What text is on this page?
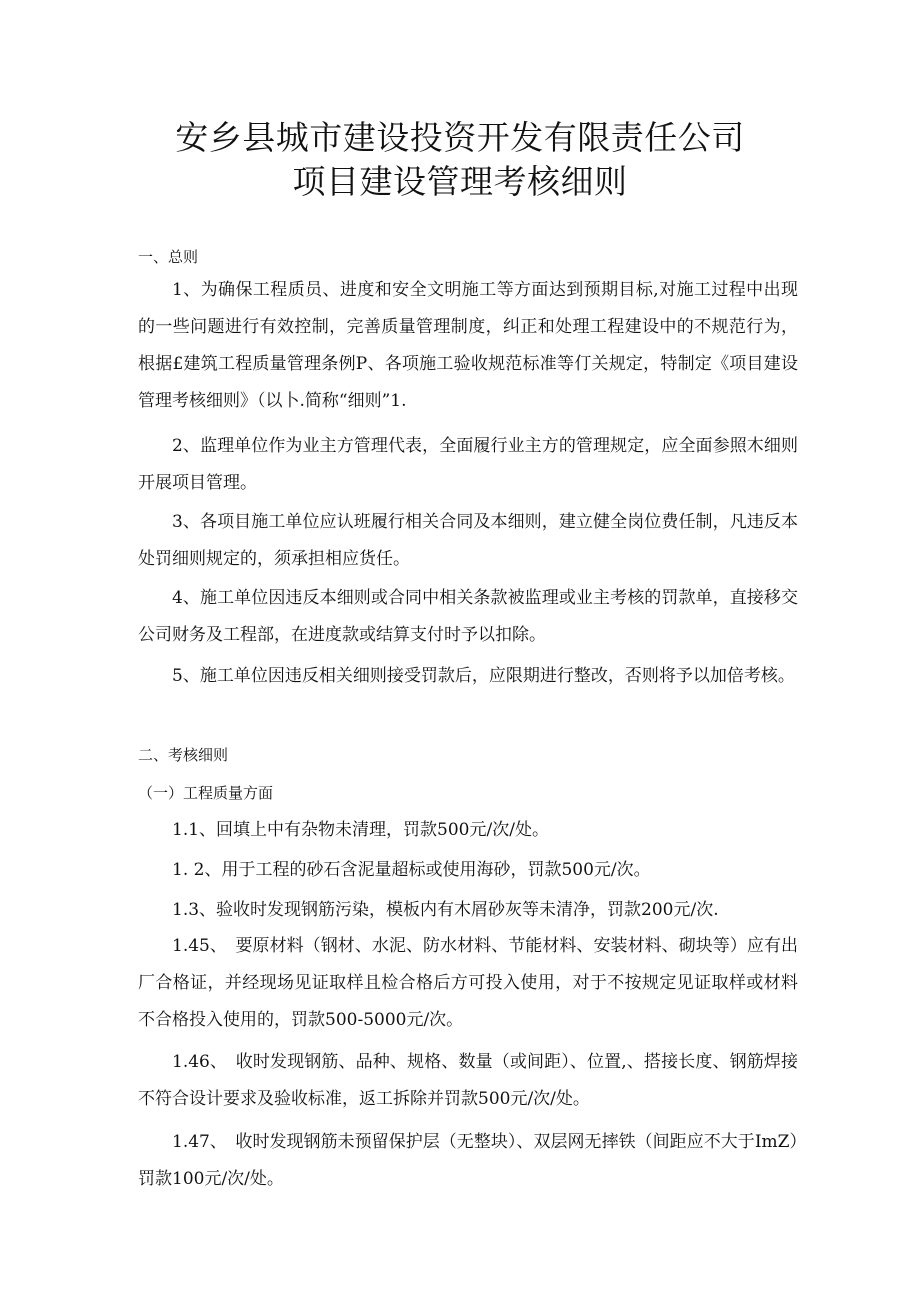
安乡县城市建设投资开发有限责任公司
项目建设管理考核细则
一、总则
1、为确保工程质员、进度和安全文明施工等方面达到预期目标,对施工过程中出现的一些问题进行有效控制，完善质量管理制度，纠正和处理工程建设中的不规范行为，根据£建筑工程质量管理条例P、各项施工验收规范标准等仃关规定，特制定《项目建设管理考核细则》（以卜.简称“细则”1.
2、监理单位作为业主方管理代表，全面履行业主方的管理规定，应全面参照木细则开展项目管理。
3、各项目施工单位应认班履行相关合同及本细则，建立健全岗位费任制，凡违反本处罚细则规定的，须承担相应货任。
4、施工单位因违反本细则或合同中相关条款被监理或业主考核的罚款单，直接移交公司财务及工程部，在进度款或结算支付时予以扣除。
5、施工单位因违反相关细则接受罚款后，应限期进行整改，否则将予以加倍考核。
二、考核细则
（一）工程质量方面
1.1、回填上中有杂物未清理，罚款500元/次/处。
1. 2、用于工程的砂石含泥量超标或使用海砂，罚款500元/次。
1.3、验收时发现钢筋污染，模板内有木屑砂灰等未清净，罚款200元/次.
1.45、　要原材料（钢材、水泥、防水材料、节能材料、安装材料、砌块等）应有出厂合格证，并经现场见证取样且检合格后方可投入使用，对于不按规定见证取样或材料不合格投入使用的，罚款500-5000元/次。
1.46、　收时发现钢筋、品种、规格、数量（或间距）、位置,、搭接长度、钢筋焊接不符合设计要求及验收标准，返工拆除并罚款500元/次/处。
1.47、　收时发现钢筋未预留保护层（无整块）、双层网无摔铁（间距应不大于ImZ）罚款100元/次/处。
